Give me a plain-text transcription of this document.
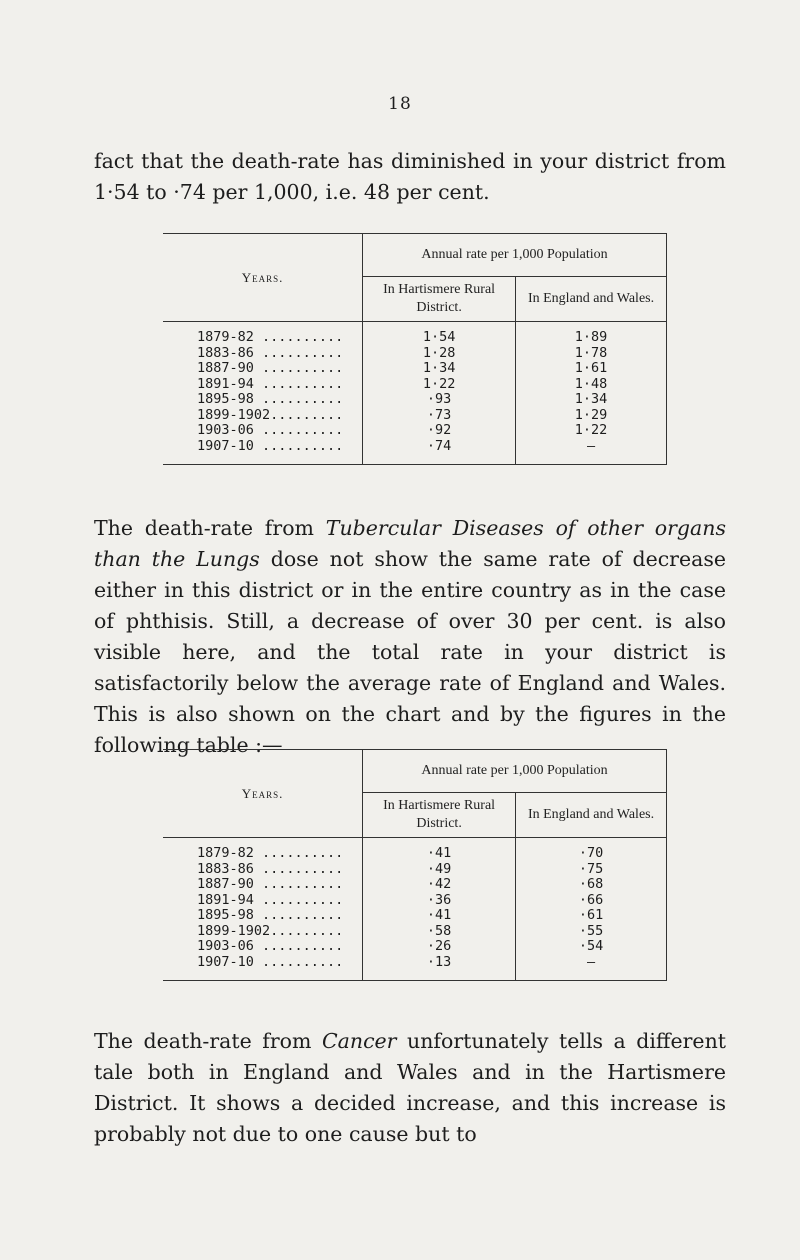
18

fact that the death-rate has diminished in your district from 1·54 to ·74 per 1,000, i.e. 48 per cent.

Years.	Annual rate per 1,000 Population	
	In Hartismere Rural District.	In England and Wales.
1879-82 ..........	1·54	1·89
1883-86 ..........	1·28	1·78
1887-90 ..........	1·34	1·61
1891-94 ..........	1·22	1·48
1895-98 ..........	·93	1·34
1899-1902.........	·73	1·29
1903-06 ..........	·92	1·22
1907-10 ..........	·74	—

The death-rate from Tubercular Diseases of other organs than the Lungs dose not show the same rate of decrease either in this district or in the entire country as in the case of phthisis. Still, a decrease of over 30 per cent. is also visible here, and the total rate in your district is satisfactorily below the average rate of England and Wales. This is also shown on the chart and by the figures in the following table :—

Years.	Annual rate per 1,000 Population	
	In Hartismere Rural District.	In England and Wales.
1879-82 ..........	·41	·70
1883-86 ..........	·49	·75
1887-90 ..........	·42	·68
1891-94 ..........	·36	·66
1895-98 ..........	·41	·61
1899-1902.........	·58	·55
1903-06 ..........	·26	·54
1907-10 ..........	·13	—

The death-rate from Cancer unfortunately tells a different tale both in England and Wales and in the Hartismere District. It shows a decided increase, and this increase is probably not due to one cause but to
